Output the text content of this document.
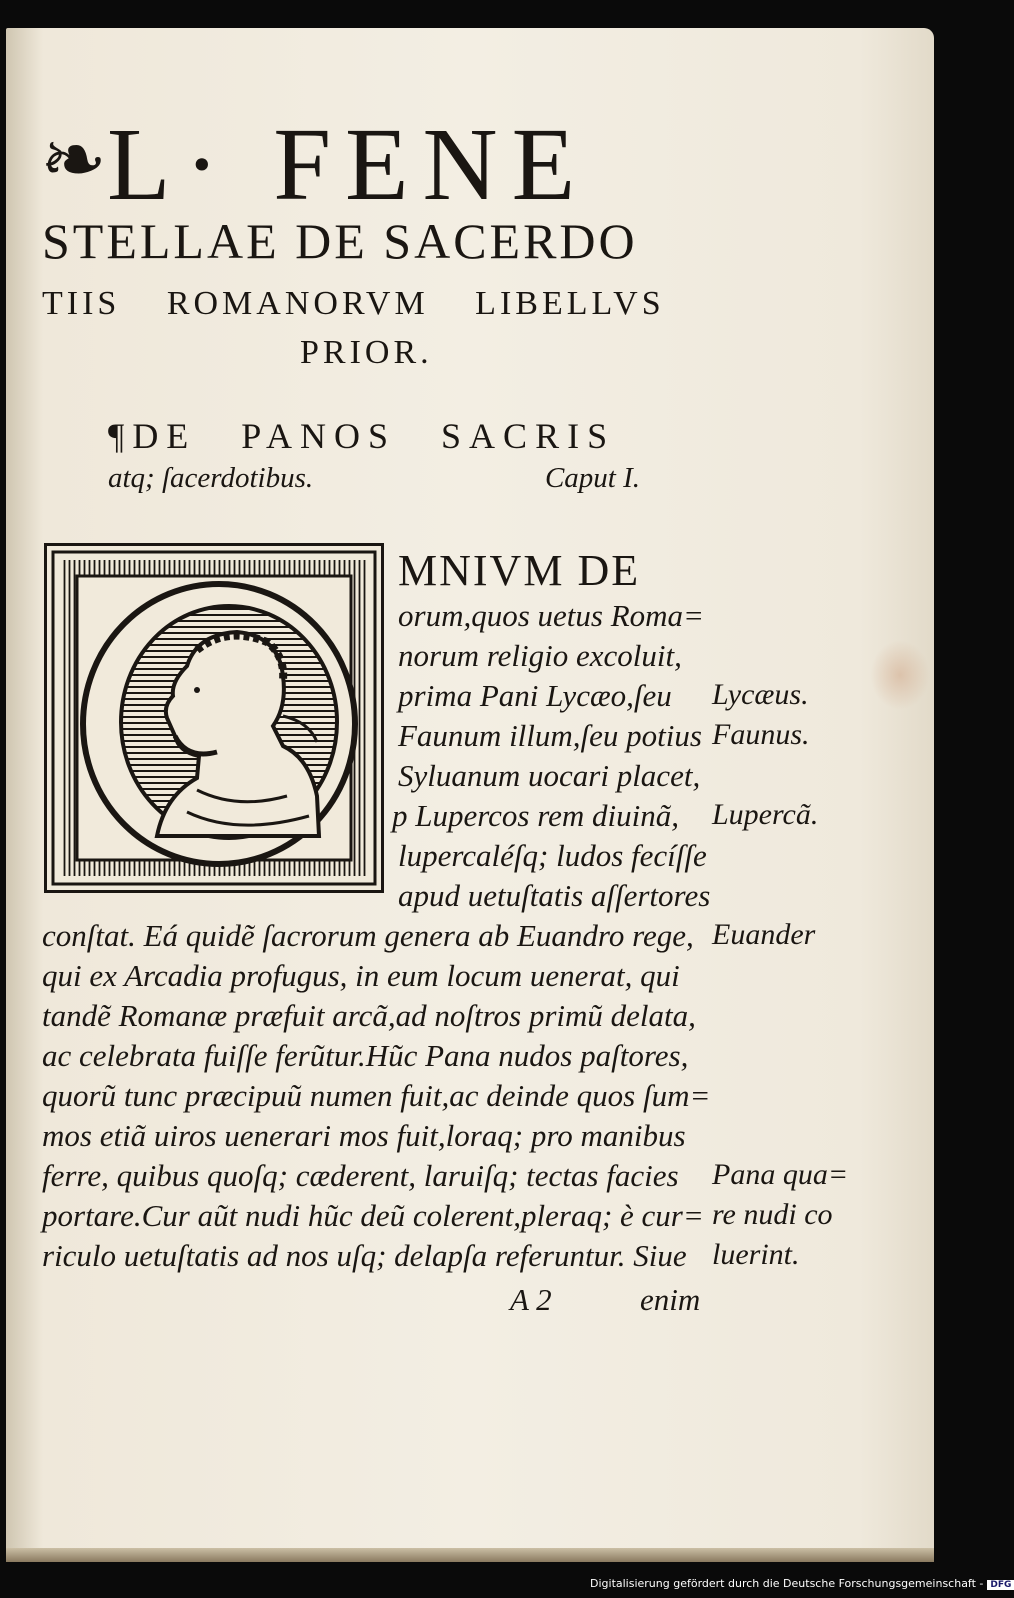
❧L· FENE
STELLAE DE SACERDO
TIIS ROMANORVM LIBELLVS
PRIOR.
¶DE PANOS SACRIS
atq; ſacerdotibus.	Caput I.
MNIVM DE
orum,quos uetus Roma=
norum religio excoluit,
prima Pani Lycæo,ſeu
Faunum illum,ſeu potius
Syluanum uocari placet,
p Lupercos rem diuinã,
lupercaléſq; ludos fecíſſe
apud uetuſtatis aſſertores
conſtat. Eá quidẽ ſacrorum genera ab Euandro rege,
qui ex Arcadia profugus, in eum locum uenerat, qui
tandẽ Romanæ præfuit arcã,ad noſtros primũ delata,
ac celebrata fuiſſe ferũtur.Hũc Pana nudos paſtores,
quorũ tunc præcipuũ numen fuit,ac deinde quos ſum=
mos etiã uiros uenerari mos fuit,loraq; pro manibus
ferre, quibus quoſq; cæderent, laruiſq; tectas facies
portare.Cur aũt nudi hũc deũ colerent,pleraq; è cur=
riculo uetuſtatis ad nos uſq; delapſa referuntur. Siue
Lycæus.
Faunus.
Lupercã.
Euander
Pana qua=
re nudi co
luerint.
A 2	enim
Digitalisierung gefördert durch die Deutsche Forschungsgemeinschaft - DFG
